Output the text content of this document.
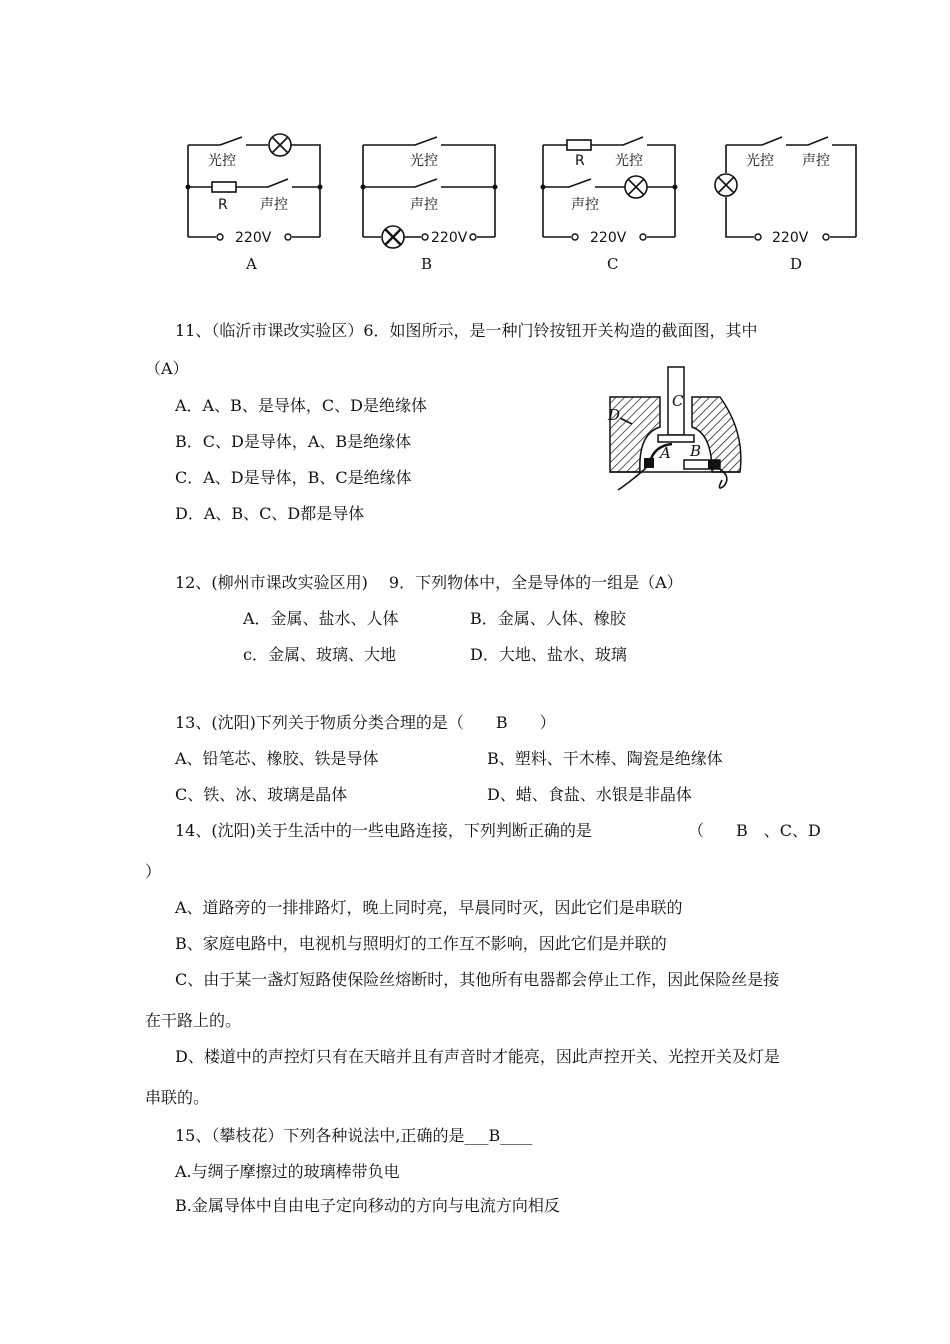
光控
R 声控
220V
A
光控
声控
220V
B
R 光控
声控
220V
C
光控 声控
220V
D
C
D
A B
11、（临沂市课改实验区）6．如图所示，是一种门铃按钮开关构造的截面图，其中
（A）
A．A、B、是导体，C、D是绝缘体
B．C、D是导体，A、B是绝缘体
C．A、D是导体，B、C是绝缘体
D．A、B、C、D都是导体
12、(柳州市课改实验区用)　 9．下列物体中，全是导体的一组是（A）
A．金属、盐水、人体	B．金属、人体、橡胶
c．金属、玻璃、大地	D．大地、盐水、玻璃
13、(沈阳)下列关于物质分类合理的是（　　B　　）
A、铅笔芯、橡胶、铁是导体	B、塑料、干木棒、陶瓷是绝缘体
C、铁、冰、玻璃是晶体	D、蜡、食盐、水银是非晶体
14、(沈阳)关于生活中的一些电路连接，下列判断正确的是	（　　B　、C、D
）
A、道路旁的一排排路灯，晚上同时亮，早晨同时灭，因此它们是串联的
B、家庭电路中，电视机与照明灯的工作互不影响，因此它们是并联的
C、由于某一盏灯短路使保险丝熔断时，其他所有电器都会停止工作，因此保险丝是接
在干路上的。
D、楼道中的声控灯只有在天暗并且有声音时才能亮，因此声控开关、光控开关及灯是
串联的。
15、（攀枝花）下列各种说法中,正确的是___B____
A.与绸子摩擦过的玻璃棒带负电
B.金属导体中自由电子定向移动的方向与电流方向相反
